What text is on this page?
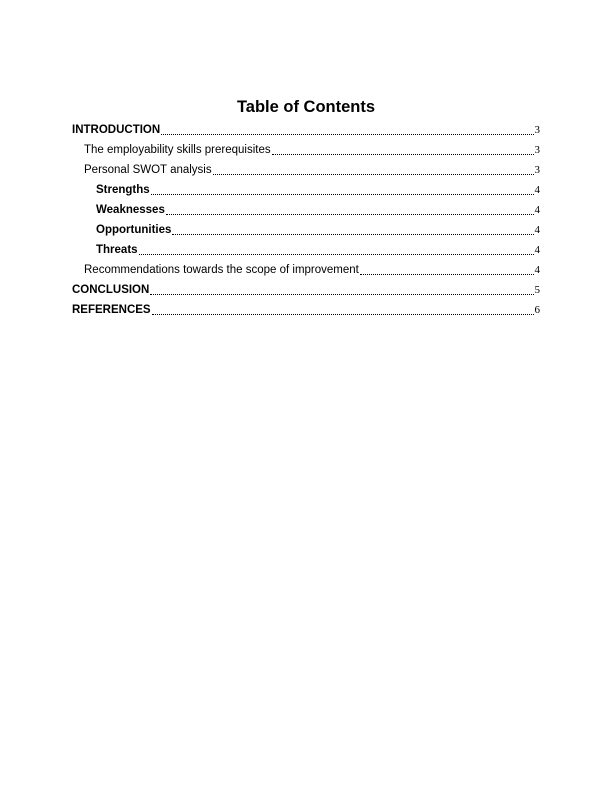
Table of Contents
INTRODUCTION	3
The employability skills prerequisites	3
Personal SWOT analysis	3
Strengths	4
Weaknesses	4
Opportunities	4
Threats	4
Recommendations towards the scope of improvement	4
CONCLUSION	5
REFERENCES	6
